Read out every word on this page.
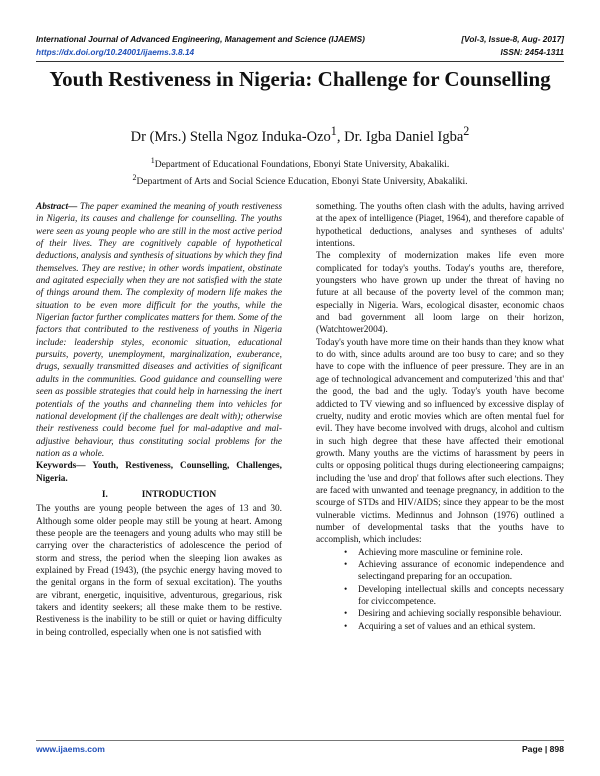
International Journal of Advanced Engineering, Management and Science (IJAEMS)	[Vol-3, Issue-8, Aug- 2017]
https://dx.doi.org/10.24001/ijaems.3.8.14	ISSN: 2454-1311
Youth Restiveness in Nigeria: Challenge for Counselling
Dr (Mrs.) Stella Ngoz Induka-Ozo$^1$, Dr. Igba Daniel Igba$^2$
$^1$Department of Educational Foundations, Ebonyi State University, Abakaliki.
$^2$Department of Arts and Social Science Education, Ebonyi State University, Abakaliki.

Abstract— The paper examined the meaning of youth restiveness in Nigeria, its causes and challenge for counselling. The youths were seen as young people who are still in the most active period of their lives. They are cognitively capable of hypothetical deductions, analysis and synthesis of situations by which they find themselves. They are restive; in other words impatient, obstinate and agitated especially when they are not satisfied with the state of things around them. The complexity of modern life makes the situation to be even more difficult for the youths, while the Nigerian factor further complicates matters for them. Some of the factors that contributed to the restiveness of youths in Nigeria include: leadership styles, economic situation, educational pursuits, poverty, unemployment, marginalization, exuberance, drugs, sexually transmitted diseases and activities of significant adults in the communities. Good guidance and counselling were seen as possible strategies that could help in harnessing the inert potentials of the youths and channeling them into vehicles for national development (if the challenges are dealt with); otherwise their restiveness could become fuel for mal-adaptive and mal-adjustive behaviour, thus constituting social problems for the nation as a whole.

Keywords— Youth, Restiveness, Counselling, Challenges, Nigeria.

I.	INTRODUCTION

The youths are young people between the ages of 13 and 30. Although some older people may still be young at heart. Among these people are the teenagers and young adults who may still be carrying over the characteristics of adolescence the period of storm and stress, the period when the sleeping lion awakes as explained by Fread (1943), (the psychic energy having moved to the genital organs in the form of sexual excitation). The youths are vibrant, energetic, inquisitive, adventurous, gregarious, risk takers and identity seekers; all these make them to be restive. Restiveness is the inability to be still or quiet or having difficulty in being controlled, especially when one is not satisfied with

something. The youths often clash with the adults, having arrived at the apex of intelligence (Piaget, 1964), and therefore capable of hypothetical deductions, analyses and syntheses of adults' intentions.

The complexity of modernization makes life even more complicated for today's youths. Today's youths are, therefore, youngsters who have grown up under the threat of having no future at all because of the poverty level of the common man; especially in Nigeria. Wars, ecological disaster, economic chaos and bad government all loom large on their horizon, (Watchtower2004).

Today's youth have more time on their hands than they know what to do with, since adults around are too busy to care; and so they have to cope with the influence of peer pressure. They are in an age of technological advancement and computerized 'this and that' the good, the bad and the ugly. Today's youth have become addicted to TV viewing and so influenced by excessive display of cruelty, nudity and erotic movies which are often mental fuel for evil. They have become involved with drugs, alcohol and cultism in such high degree that these have affected their emotional growth. Many youths are the victims of harassment by peers in cults or opposing political thugs during electioneering campaigns; including the 'use and drop' that follows after such elections. They are faced with unwanted and teenage pregnancy, in addition to the scourge of STDs and HIV/AIDS; since they appear to be the most vulnerable victims. Medinnus and Johnson (1976) outlined a number of developmental tasks that the youths have to accomplish, which includes:

• Achieving more masculine or feminine role.
• Achieving assurance of economic independence and selectingand preparing for an occupation.
• Developing intellectual skills and concepts necessary for civiccompetence.
• Desiring and achieving socially responsible behaviour.
• Acquiring a set of values and an ethical system.
www.ijaems.com	Page | 898
